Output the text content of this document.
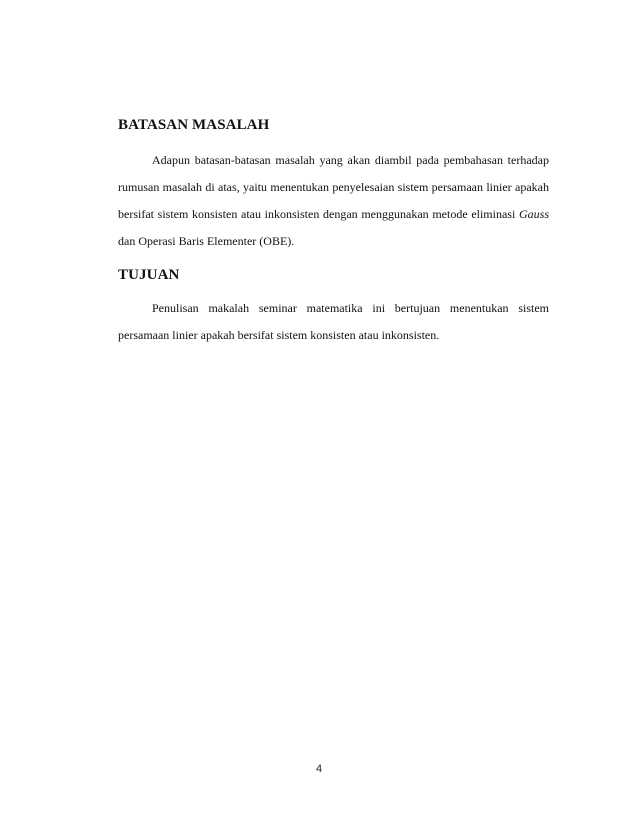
BATASAN MASALAH

Adapun batasan-batasan masalah yang akan diambil pada pembahasan terhadap rumusan masalah di atas, yaitu menentukan penyelesaian sistem persamaan linier apakah bersifat sistem konsisten atau inkonsisten dengan menggunakan metode eliminasi Gauss dan Operasi Baris Elementer (OBE).

TUJUAN

Penulisan makalah seminar matematika ini bertujuan menentukan sistem persamaan linier apakah bersifat sistem konsisten atau inkonsisten.

4
